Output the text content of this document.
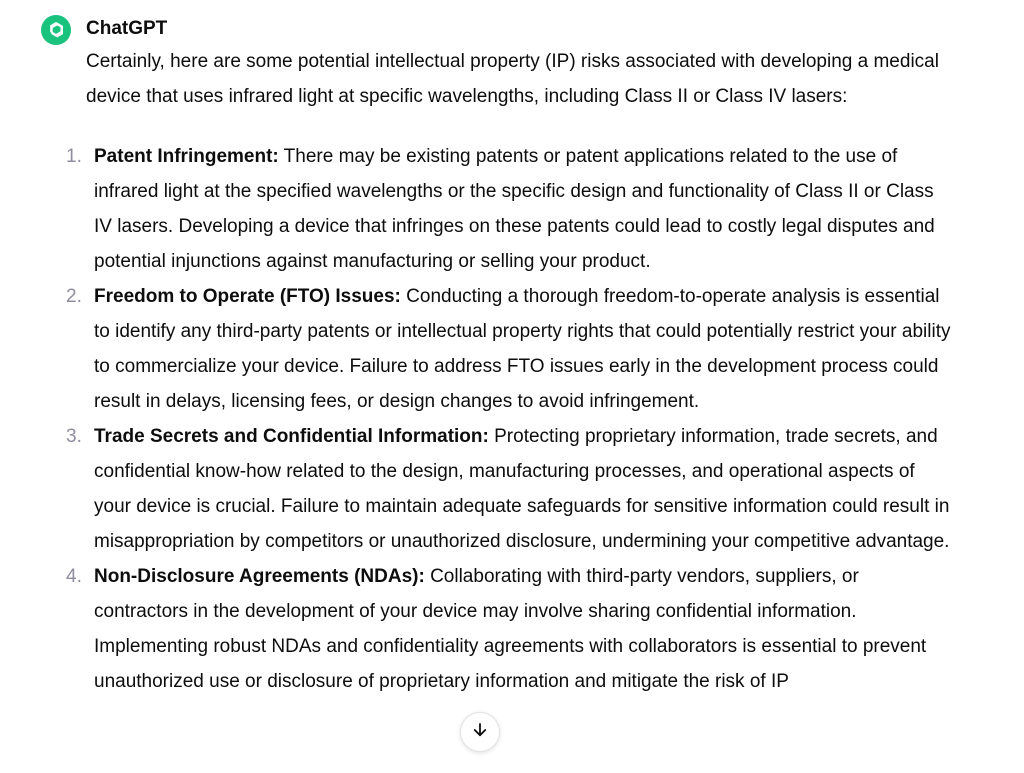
ChatGPT

Certainly, here are some potential intellectual property (IP) risks associated with developing a medical device that uses infrared light at specific wavelengths, including Class II or Class IV lasers:

1. Patent Infringement: There may be existing patents or patent applications related to the use of infrared light at the specified wavelengths or the specific design and functionality of Class II or Class IV lasers. Developing a device that infringes on these patents could lead to costly legal disputes and potential injunctions against manufacturing or selling your product.
2. Freedom to Operate (FTO) Issues: Conducting a thorough freedom-to-operate analysis is essential to identify any third-party patents or intellectual property rights that could potentially restrict your ability to commercialize your device. Failure to address FTO issues early in the development process could result in delays, licensing fees, or design changes to avoid infringement.
3. Trade Secrets and Confidential Information: Protecting proprietary information, trade secrets, and confidential know-how related to the design, manufacturing processes, and operational aspects of your device is crucial. Failure to maintain adequate safeguards for sensitive information could result in misappropriation by competitors or unauthorized disclosure, undermining your competitive advantage.
4. Non-Disclosure Agreements (NDAs): Collaborating with third-party vendors, suppliers, or contractors in the development of your device may involve sharing confidential information. Implementing robust NDAs and confidentiality agreements with collaborators is essential to prevent unauthorized use or disclosure of proprietary information and mitigate the risk of IP
